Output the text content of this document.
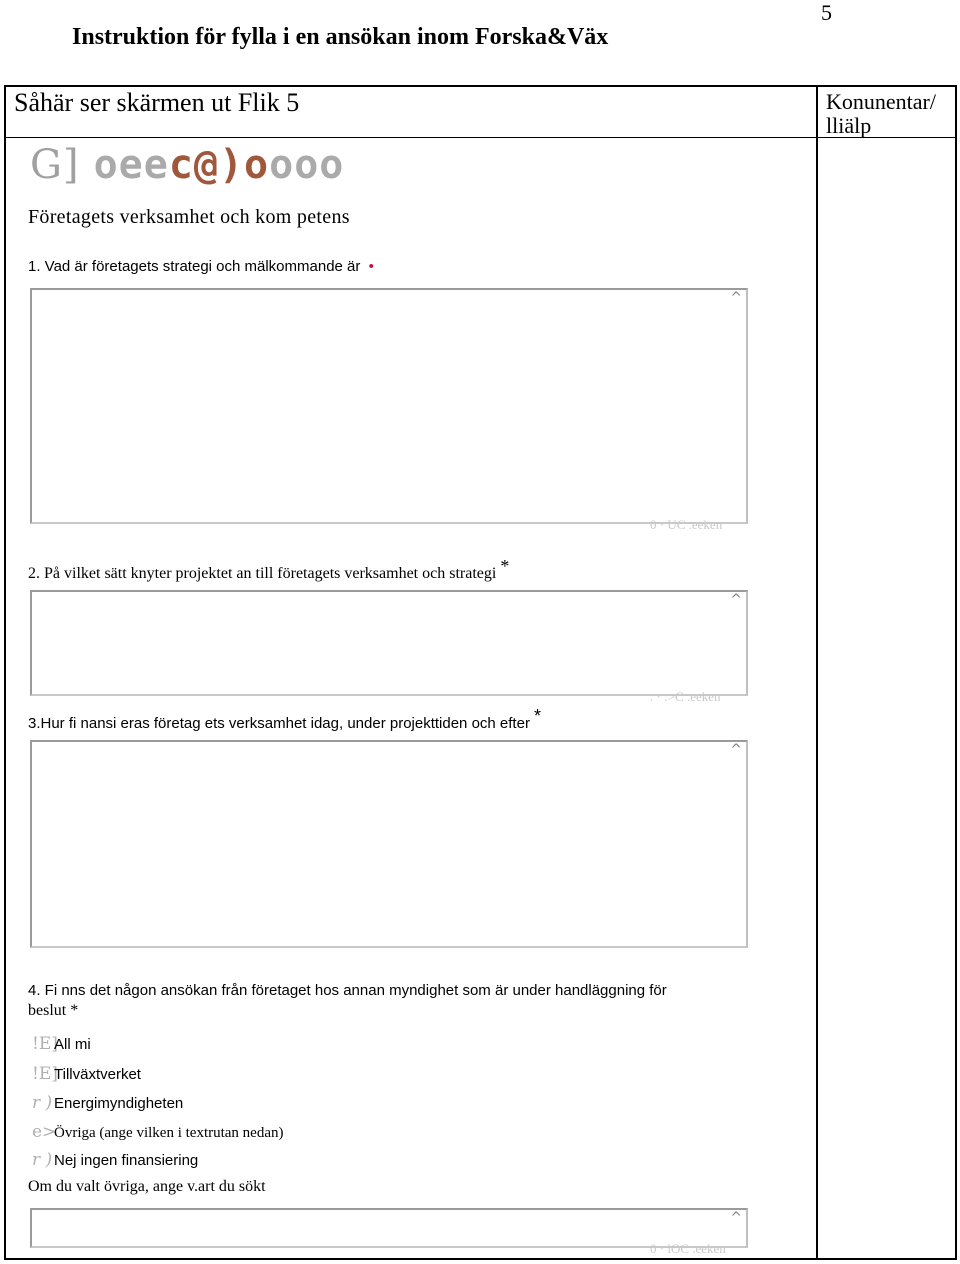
Instruktion för fylla i en ansökan inom Forska&Väx
5
Såhär ser skärmen ut Flik 5	Konunentar/ lliälp
G] oeec@)oooo
Företagets verksamhet och kom petens
1. Vad är företagets strategi och mälkommande är •
^
0 · UC .eeken
2. På vilket sätt knyter projektet an till företagets verksamhet och strategi *
^
. · :>C .eeken
3.Hur fi nansi eras företag ets verksamhet idag, under projekttiden och efter *
^
4. Fi nns det någon ansökan från företaget hos annan myndighet som är under handläggning för
beslut *
!E]All mi
!E]Tillväxtverket
r ) Energimyndigheten
e>Övriga (ange vilken i textrutan nedan)
r ) Nej ingen finansiering
Om du valt övriga, ange v.art du sökt
^
0 · lOC .eeken
